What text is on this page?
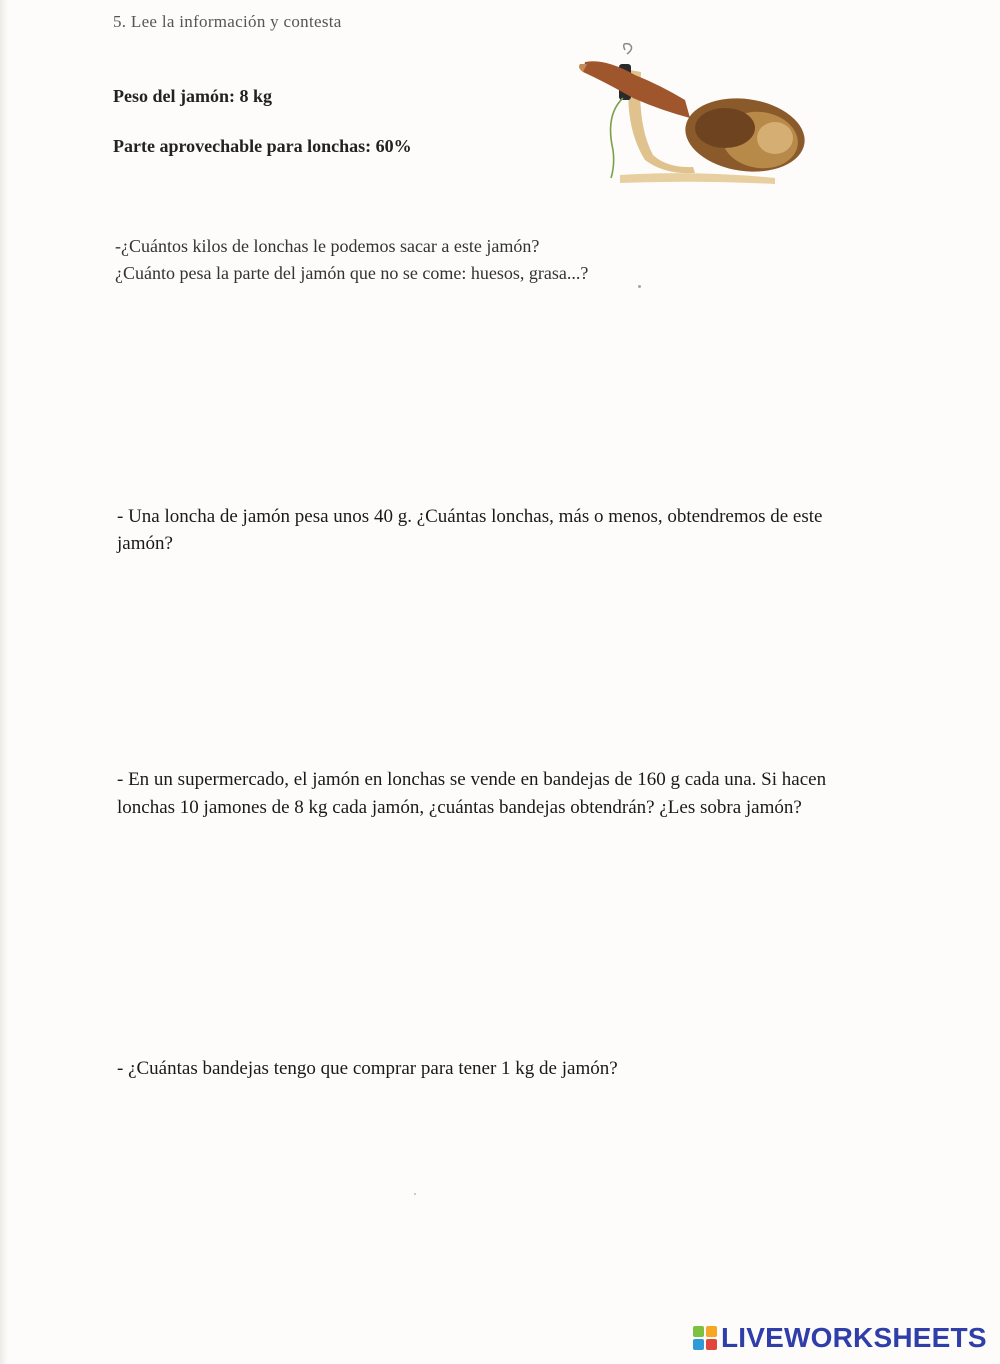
5. Lee la información y contesta
Peso del jamón: 8 kg
Parte aprovechable para lonchas: 60%
-¿Cuántos kilos de lonchas le podemos sacar a este jamón?
¿Cuánto pesa la parte del jamón que no se come: huesos, grasa...?
- Una loncha de jamón pesa unos 40 g. ¿Cuántas lonchas, más o menos, obtendremos de este
jamón?
- En un supermercado, el jamón en lonchas se vende en bandejas de 160 g cada una. Si hacen
lonchas 10 jamones de 8 kg cada jamón, ¿cuántas bandejas obtendrán? ¿Les sobra jamón?
- ¿Cuántas bandejas tengo que comprar para tener 1 kg de jamón?
LIVEWORKSHEETS
